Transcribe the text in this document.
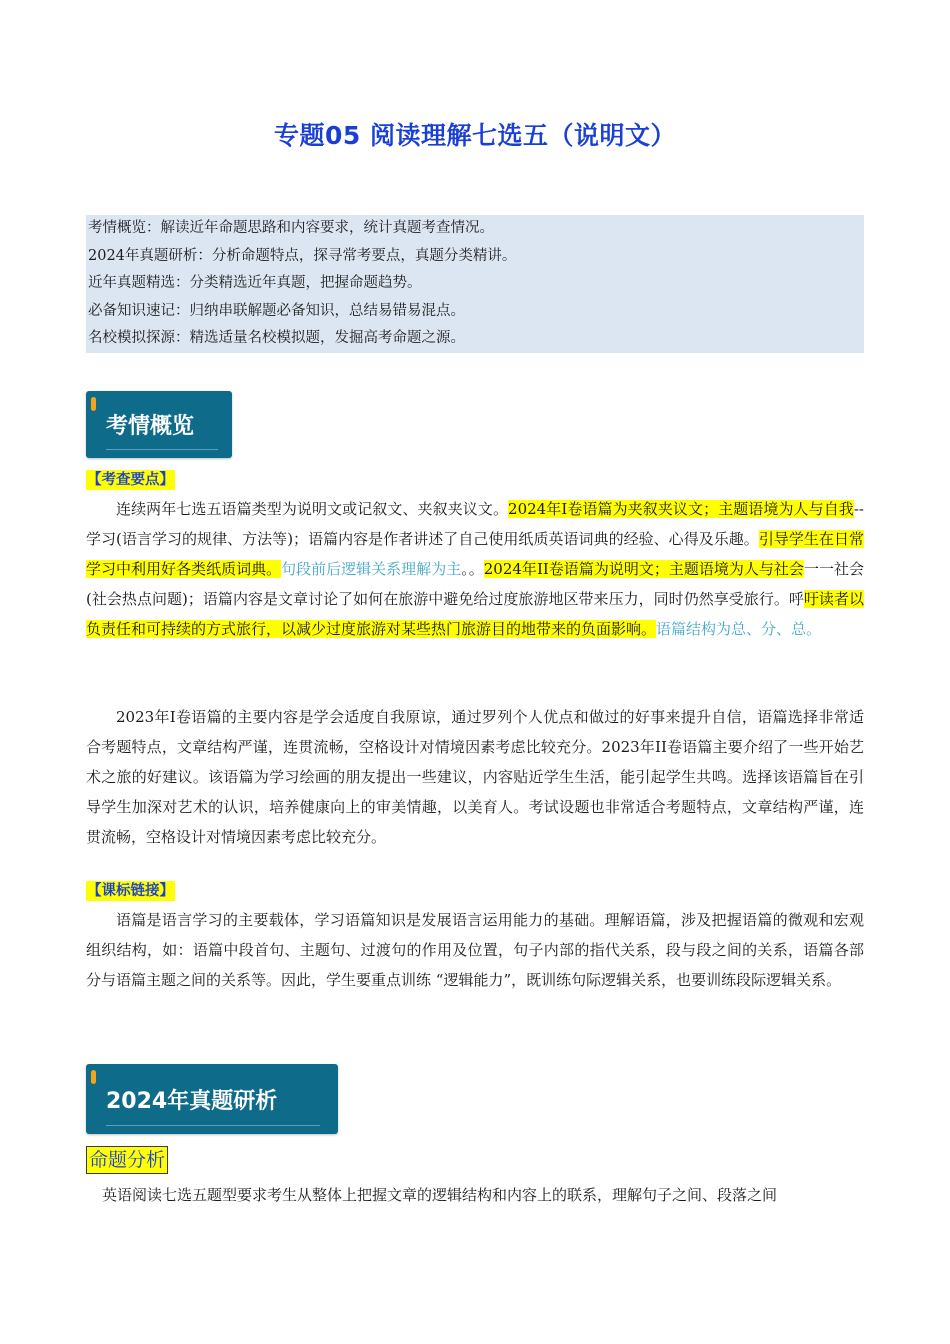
专题05 阅读理解七选五（说明文）
考情概览：解读近年命题思路和内容要求，统计真题考查情况。
2024年真题研析：分析命题特点，探寻常考要点，真题分类精讲。
近年真题精选：分类精选近年真题，把握命题趋势。
必备知识速记：归纳串联解题必备知识，总结易错易混点。
名校模拟探源：精选适量名校模拟题，发掘高考命题之源。
考情概览
【考查要点】

连续两年七选五语篇类型为说明文或记叙文、夹叙夹议文。2024年I卷语篇为夹叙夹议文；主题语境为人与自我--学习(语言学习的规律、方法等)；语篇内容是作者讲述了自己使用纸质英语词典的经验、心得及乐趣。引导学生在日常学习中利用好各类纸质词典。句段前后逻辑关系理解为主。。2024年II卷语篇为说明文；主题语境为人与社会一一社会(社会热点问题)；语篇内容是文章讨论了如何在旅游中避免给过度旅游地区带来压力，同时仍然享受旅行。呼吁读者以负责任和可持续的方式旅行，以减少过度旅游对某些热门旅游目的地带来的负面影响。语篇结构为总、分、总。

2023年I卷语篇的主要内容是学会适度自我原谅，通过罗列个人优点和做过的好事来提升自信，语篇选择非常适合考题特点，文章结构严谨，连贯流畅，空格设计对情境因素考虑比较充分。2023年II卷语篇主要介绍了一些开始艺术之旅的好建议。该语篇为学习绘画的朋友提出一些建议，内容贴近学生生活，能引起学生共鸣。选择该语篇旨在引导学生加深对艺术的认识，培养健康向上的审美情趣，以美育人。考试设题也非常适合考题特点，文章结构严谨，连贯流畅，空格设计对情境因素考虑比较充分。

【课标链接】

语篇是语言学习的主要载体，学习语篇知识是发展语言运用能力的基础。理解语篇，涉及把握语篇的微观和宏观组织结构，如：语篇中段首句、主题句、过渡句的作用及位置，句子内部的指代关系，段与段之间的关系，语篇各部分与语篇主题之间的关系等。因此，学生要重点训练 “逻辑能力”，既训练句际逻辑关系，也要训练段际逻辑关系。

2024年真题研析
命题分析

英语阅读七选五题型要求考生从整体上把握文章的逻辑结构和内容上的联系，理解句子之间、段落之间
